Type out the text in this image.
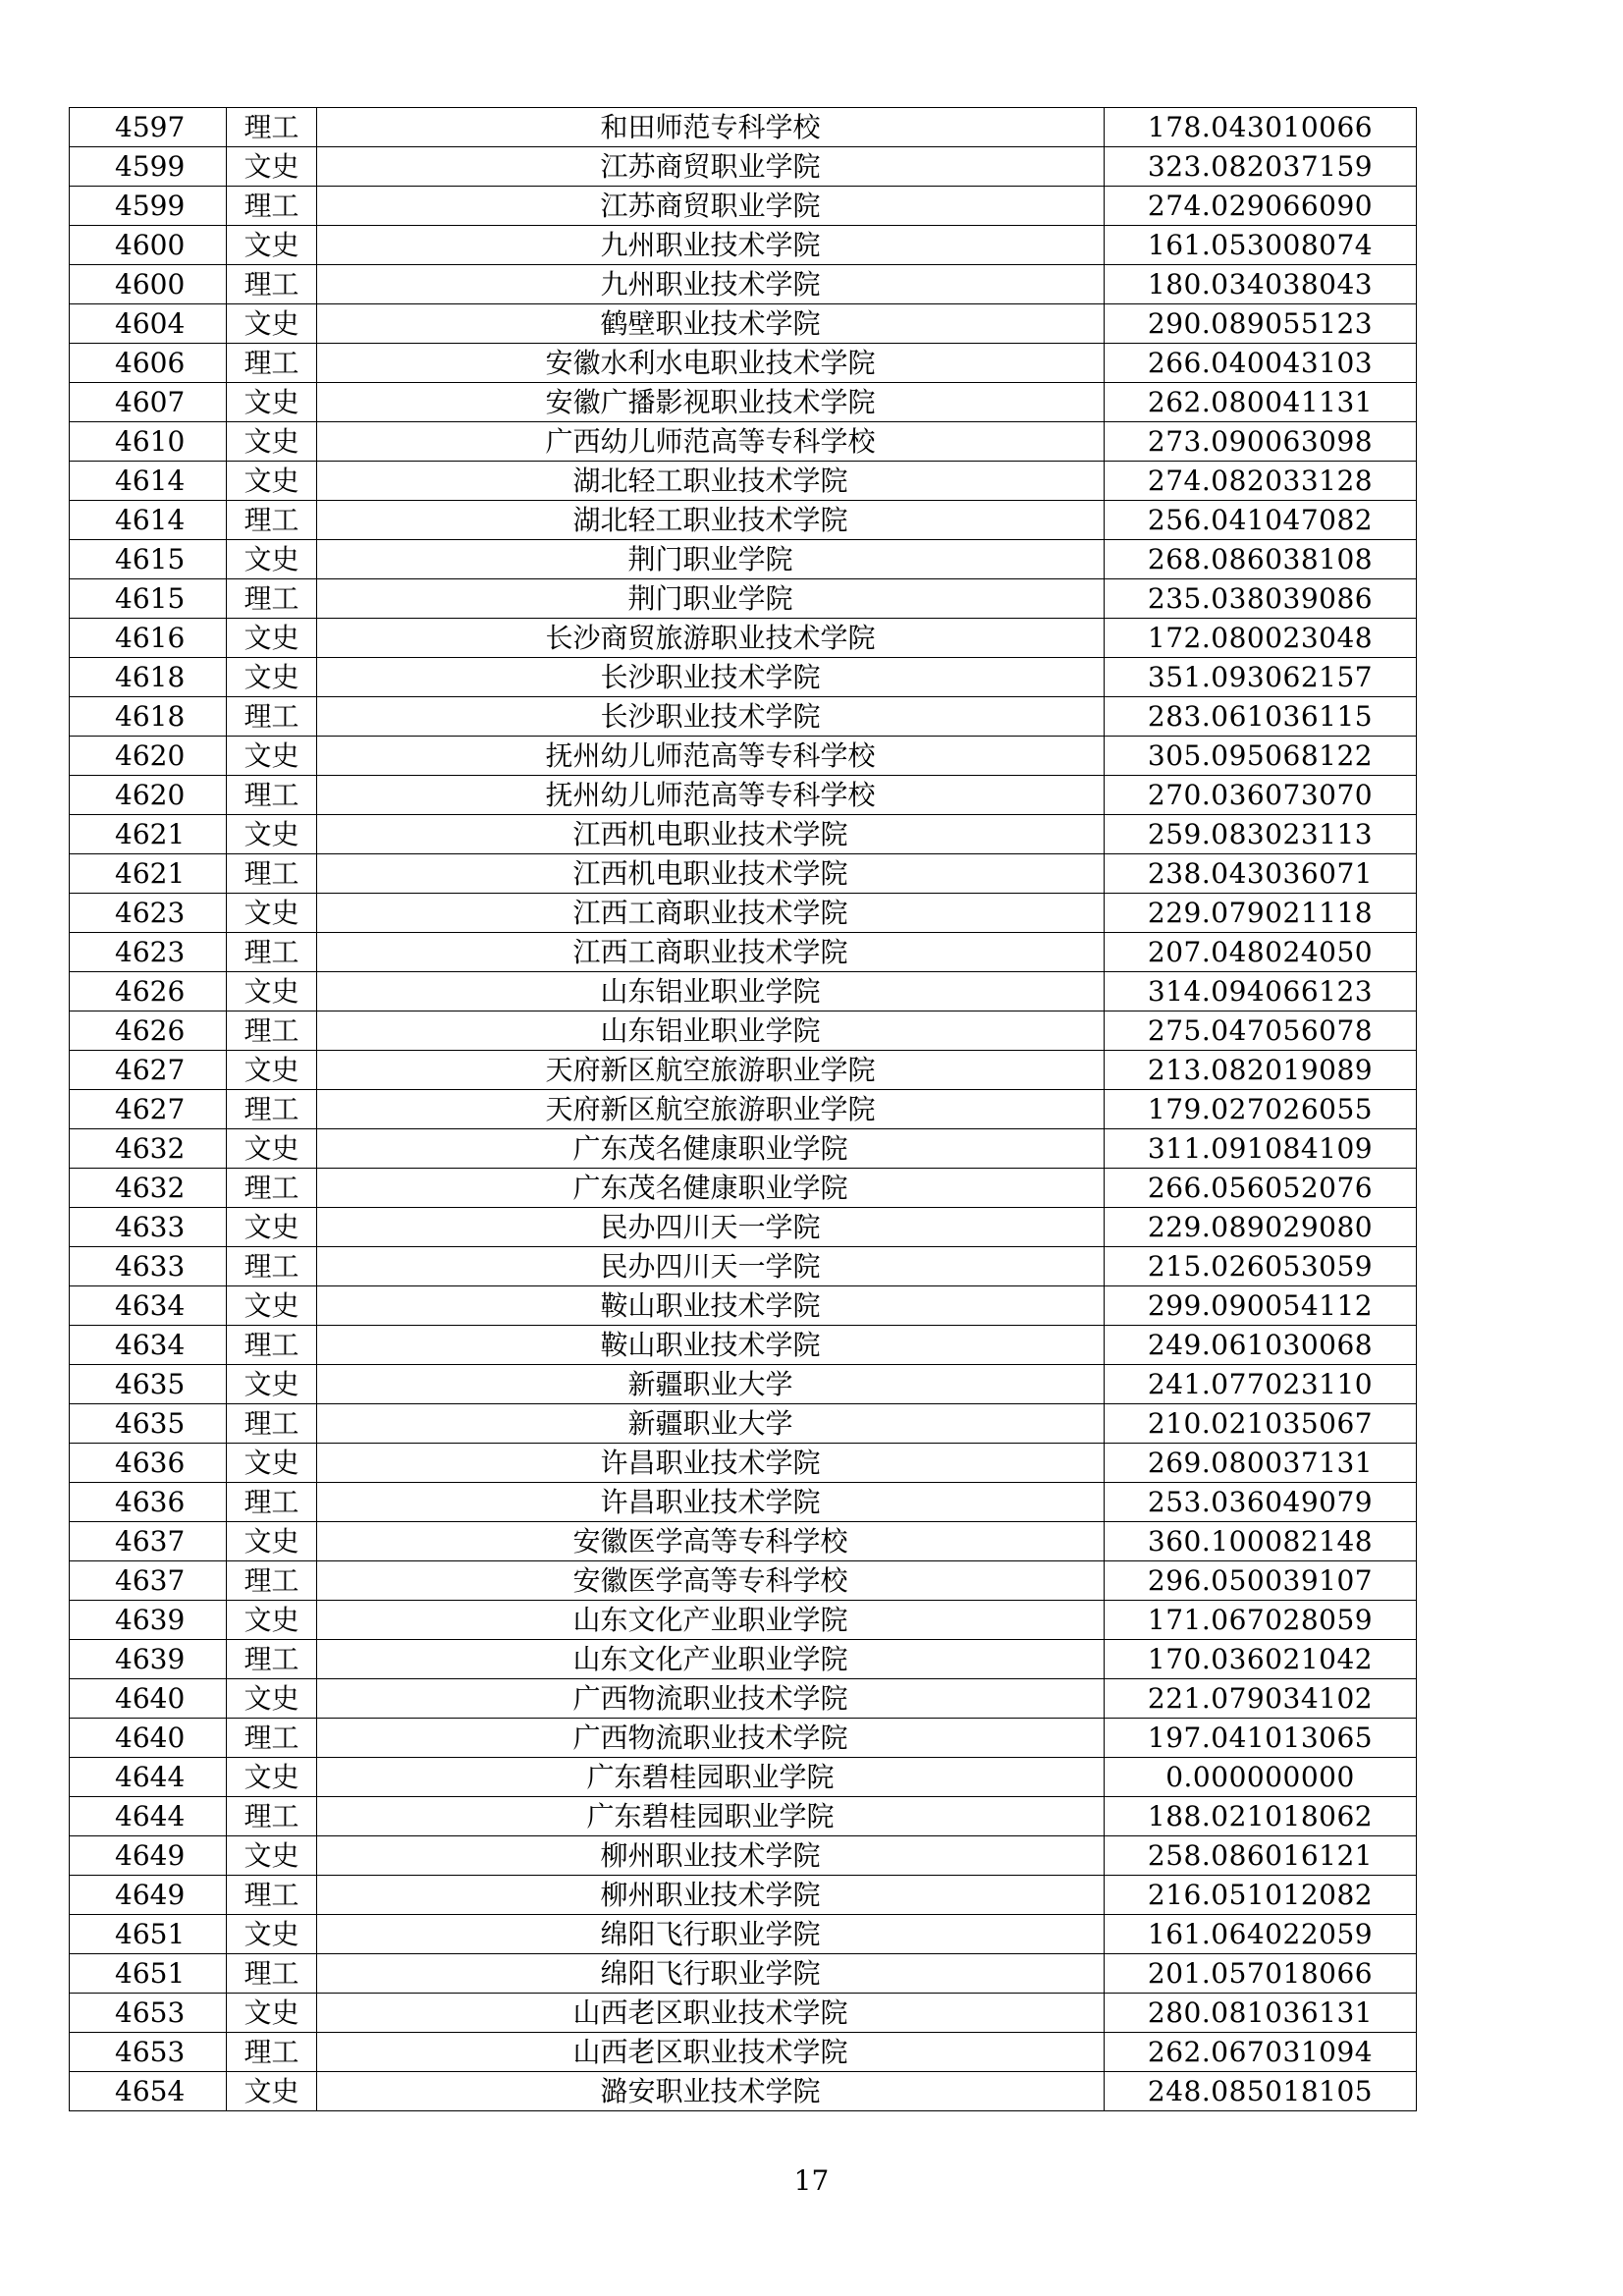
4597	理工	和田师范专科学校	178.043010066
4599	文史	江苏商贸职业学院	323.082037159
4599	理工	江苏商贸职业学院	274.029066090
4600	文史	九州职业技术学院	161.053008074
4600	理工	九州职业技术学院	180.034038043
4604	文史	鹤壁职业技术学院	290.089055123
4606	理工	安徽水利水电职业技术学院	266.040043103
4607	文史	安徽广播影视职业技术学院	262.080041131
4610	文史	广西幼儿师范高等专科学校	273.090063098
4614	文史	湖北轻工职业技术学院	274.082033128
4614	理工	湖北轻工职业技术学院	256.041047082
4615	文史	荆门职业学院	268.086038108
4615	理工	荆门职业学院	235.038039086
4616	文史	长沙商贸旅游职业技术学院	172.080023048
4618	文史	长沙职业技术学院	351.093062157
4618	理工	长沙职业技术学院	283.061036115
4620	文史	抚州幼儿师范高等专科学校	305.095068122
4620	理工	抚州幼儿师范高等专科学校	270.036073070
4621	文史	江西机电职业技术学院	259.083023113
4621	理工	江西机电职业技术学院	238.043036071
4623	文史	江西工商职业技术学院	229.079021118
4623	理工	江西工商职业技术学院	207.048024050
4626	文史	山东铝业职业学院	314.094066123
4626	理工	山东铝业职业学院	275.047056078
4627	文史	天府新区航空旅游职业学院	213.082019089
4627	理工	天府新区航空旅游职业学院	179.027026055
4632	文史	广东茂名健康职业学院	311.091084109
4632	理工	广东茂名健康职业学院	266.056052076
4633	文史	民办四川天一学院	229.089029080
4633	理工	民办四川天一学院	215.026053059
4634	文史	鞍山职业技术学院	299.090054112
4634	理工	鞍山职业技术学院	249.061030068
4635	文史	新疆职业大学	241.077023110
4635	理工	新疆职业大学	210.021035067
4636	文史	许昌职业技术学院	269.080037131
4636	理工	许昌职业技术学院	253.036049079
4637	文史	安徽医学高等专科学校	360.100082148
4637	理工	安徽医学高等专科学校	296.050039107
4639	文史	山东文化产业职业学院	171.067028059
4639	理工	山东文化产业职业学院	170.036021042
4640	文史	广西物流职业技术学院	221.079034102
4640	理工	广西物流职业技术学院	197.041013065
4644	文史	广东碧桂园职业学院	0.000000000
4644	理工	广东碧桂园职业学院	188.021018062
4649	文史	柳州职业技术学院	258.086016121
4649	理工	柳州职业技术学院	216.051012082
4651	文史	绵阳飞行职业学院	161.064022059
4651	理工	绵阳飞行职业学院	201.057018066
4653	文史	山西老区职业技术学院	280.081036131
4653	理工	山西老区职业技术学院	262.067031094
4654	文史	潞安职业技术学院	248.085018105
17
